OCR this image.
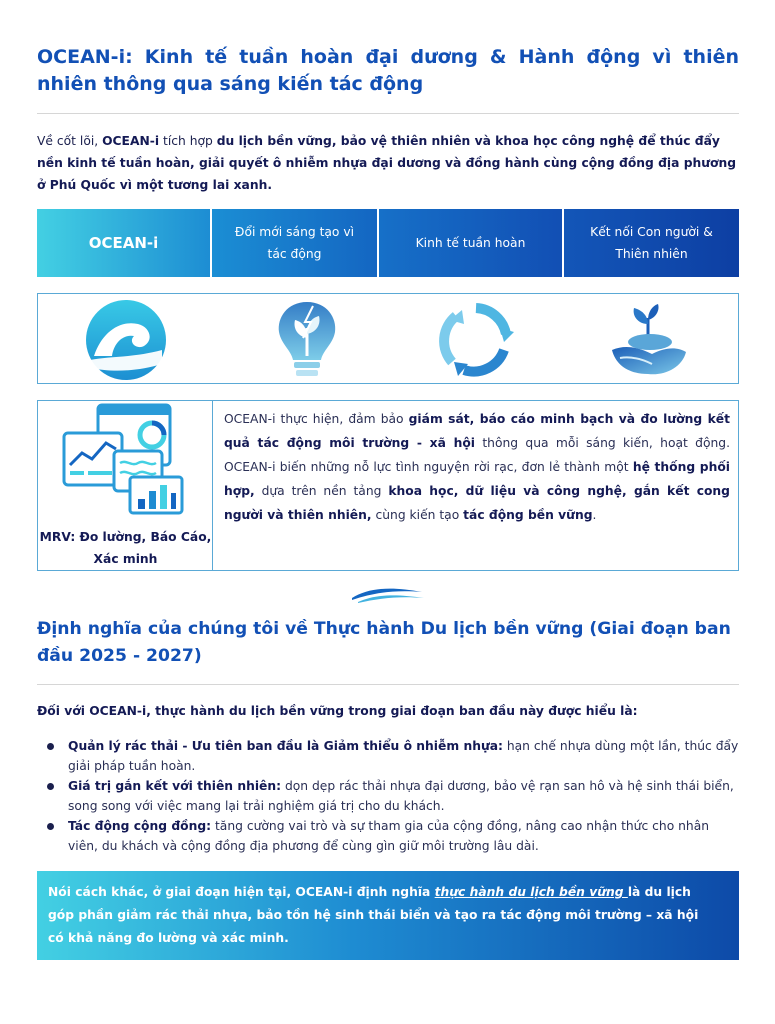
OCEAN-i: Kinh tế tuần hoàn đại dương & Hành động vì thiên nhiên thông qua sáng kiến tác động

Về cốt lõi, OCEAN-i tích hợp du lịch bền vững, bảo vệ thiên nhiên và khoa học công nghệ để thúc đẩy nền kinh tế tuần hoàn, giải quyết ô nhiễm nhựa đại dương và đồng hành cùng cộng đồng địa phương ở Phú Quốc vì một tương lai xanh.

OCEAN-i
Đổi mới sáng tạo vì tác động
Kinh tế tuần hoàn
Kết nối Con người & Thiên nhiên
MRV: Đo lường, Báo Cáo, Xác minh

OCEAN-i thực hiện, đảm bảo giám sát, báo cáo minh bạch và đo lường kết quả tác động môi trường - xã hội thông qua mỗi sáng kiến, hoạt động. OCEAN-i biến những nỗ lực tình nguyện rời rạc, đơn lẻ thành một hệ thống phối hợp, dựa trên nền tảng khoa học, dữ liệu và công nghệ, gắn kết cong người và thiên nhiên, cùng kiến tạo tác động bền vững.

Định nghĩa của chúng tôi về Thực hành Du lịch bền vững (Giai đoạn ban đầu 2025 - 2027)
Đối với OCEAN-i, thực hành du lịch bền vững trong giai đoạn ban đầu này được hiểu là:
Quản lý rác thải - Ưu tiên ban đầu là Giảm thiểu ô nhiễm nhựa: hạn chế nhựa dùng một lần, thúc đẩy giải pháp tuần hoàn.
Giá trị gắn kết với thiên nhiên: dọn dẹp rác thải nhựa đại dương, bảo vệ rạn san hô và hệ sinh thái biển, song song với việc mang lại trải nghiệm giá trị cho du khách.
Tác động cộng đồng: tăng cường vai trò và sự tham gia của cộng đồng, nâng cao nhận thức cho nhân viên, du khách và cộng đồng địa phương để cùng gìn giữ môi trường lâu dài.
Nói cách khác, ở giai đoạn hiện tại, OCEAN-i định nghĩa thực hành du lịch bền vững là du lịch góp phần giảm rác thải nhựa, bảo tồn hệ sinh thái biển và tạo ra tác động môi trường – xã hội có khả năng đo lường và xác minh.
